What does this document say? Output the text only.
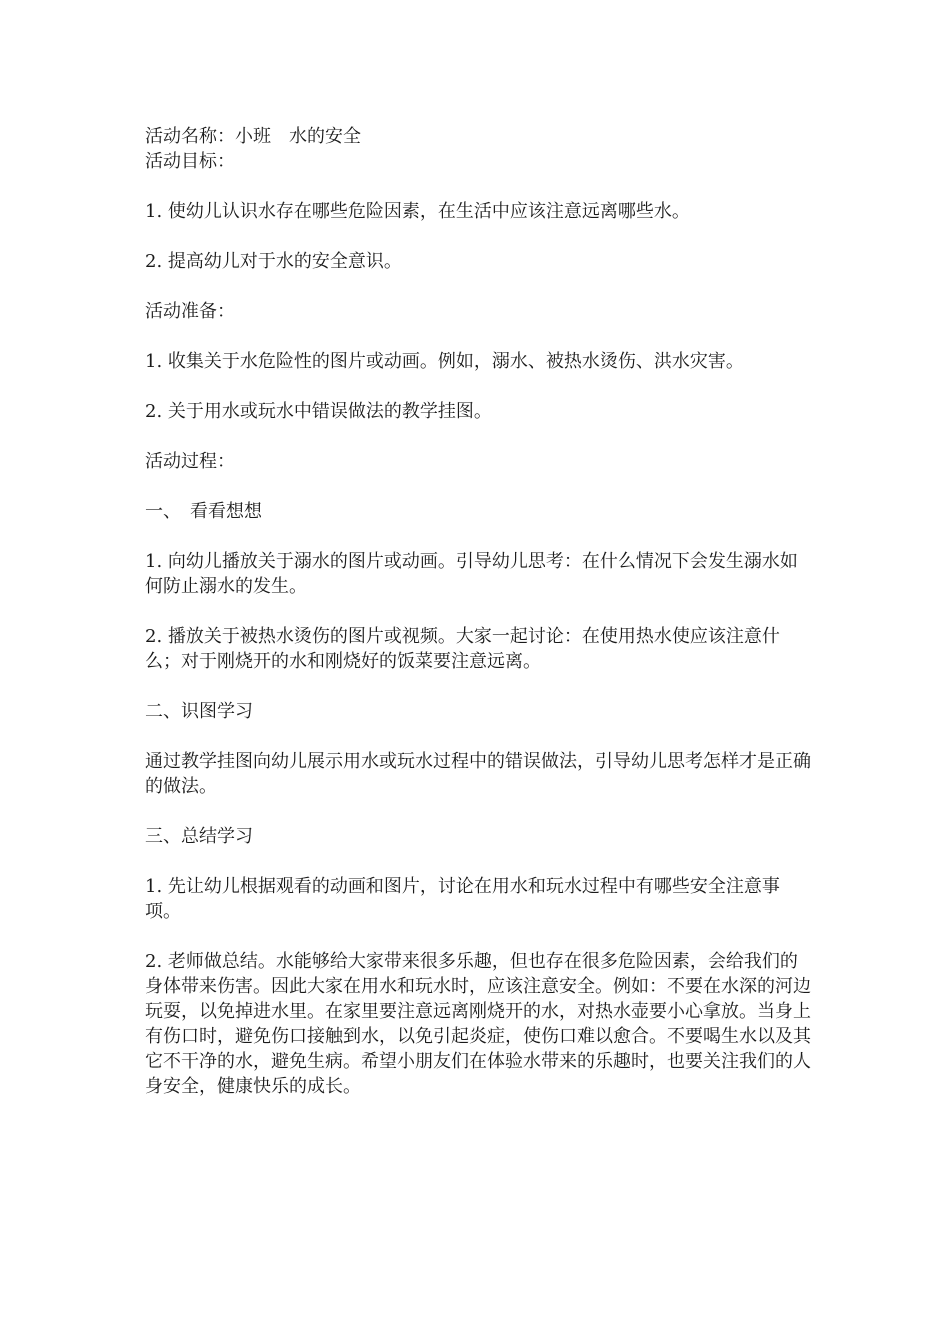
活动名称：小班　水的安全

活动目标：

1. 使幼儿认识水存在哪些危险因素，在生活中应该注意远离哪些水。

2. 提高幼儿对于水的安全意识。

活动准备：

1. 收集关于水危险性的图片或动画。例如，溺水、被热水烫伤、洪水灾害。

2. 关于用水或玩水中错误做法的教学挂图。

活动过程：

一、　看看想想

1. 向幼儿播放关于溺水的图片或动画。引导幼儿思考：在什么情况下会发生溺水如何防止溺水的发生。

2. 播放关于被热水烫伤的图片或视频。大家一起讨论：在使用热水使应该注意什么；对于刚烧开的水和刚烧好的饭菜要注意远离。

二、识图学习

通过教学挂图向幼儿展示用水或玩水过程中的错误做法，引导幼儿思考怎样才是正确的做法。

三、总结学习

1. 先让幼儿根据观看的动画和图片，讨论在用水和玩水过程中有哪些安全注意事项。

2. 老师做总结。水能够给大家带来很多乐趣，但也存在很多危险因素，会给我们的身体带来伤害。因此大家在用水和玩水时，应该注意安全。例如：不要在水深的河边玩耍，以免掉进水里。在家里要注意远离刚烧开的水，对热水壶要小心拿放。当身上有伤口时，避免伤口接触到水，以免引起炎症，使伤口难以愈合。不要喝生水以及其它不干净的水，避免生病。希望小朋友们在体验水带来的乐趣时，也要关注我们的人身安全，健康快乐的成长。
